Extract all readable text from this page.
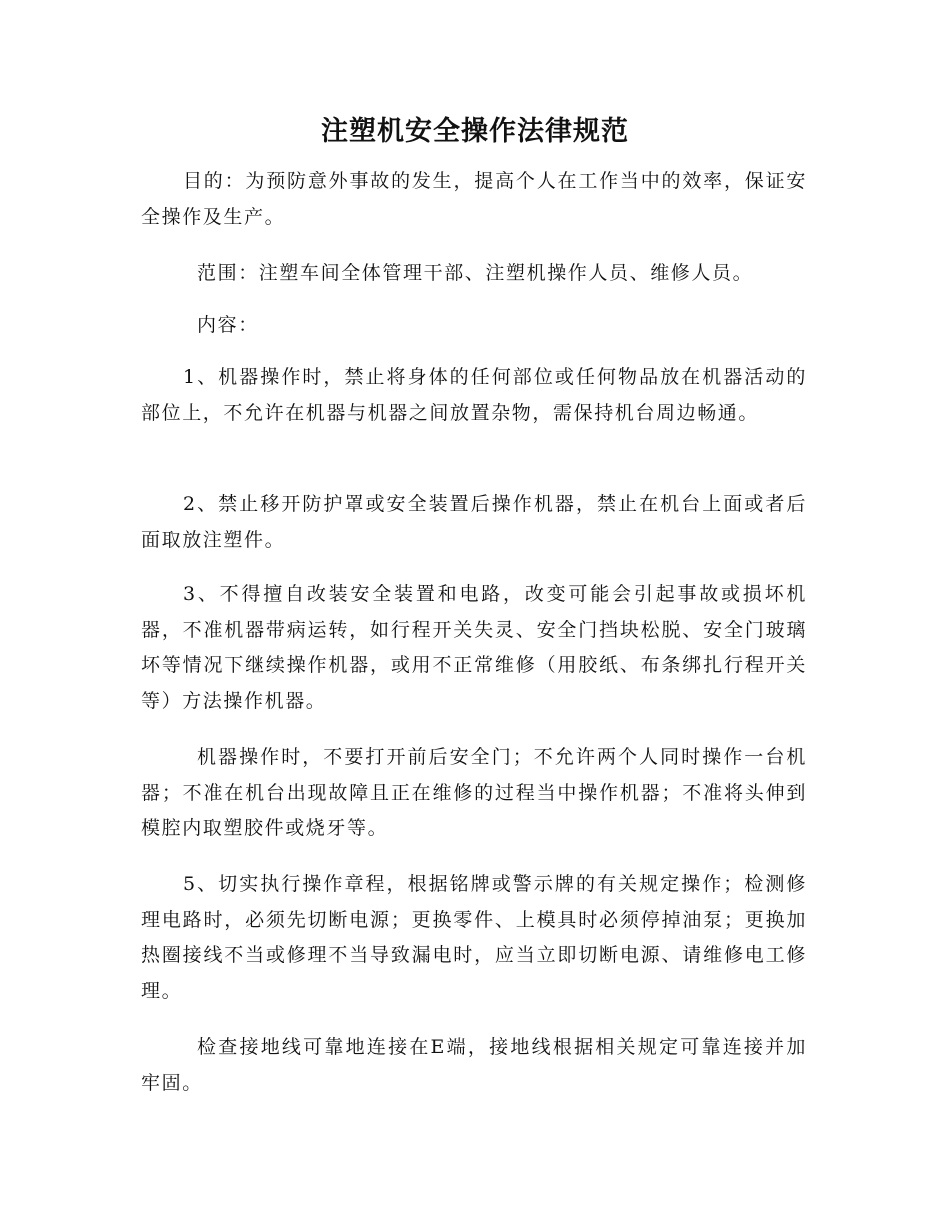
注塑机安全操作法律规范

目的：为预防意外事故的发生，提高个人在工作当中的效率，保证安全操作及生产。

范围：注塑车间全体管理干部、注塑机操作人员、维修人员。

内容：

1、机器操作时，禁止将身体的任何部位或任何物品放在机器活动的部位上，不允许在机器与机器之间放置杂物，需保持机台周边畅通。

2、禁止移开防护罩或安全装置后操作机器，禁止在机台上面或者后面取放注塑件。

3、不得擅自改装安全装置和电路，改变可能会引起事故或损坏机器，不准机器带病运转，如行程开关失灵、安全门挡块松脱、安全门玻璃坏等情况下继续操作机器，或用不正常维修（用胶纸、布条绑扎行程开关等）方法操作机器。

机器操作时，不要打开前后安全门；不允许两个人同时操作一台机器；不准在机台出现故障且正在维修的过程当中操作机器；不准将头伸到模腔内取塑胶件或烧牙等。

5、切实执行操作章程，根据铭牌或警示牌的有关规定操作；检测修理电路时，必须先切断电源；更换零件、上模具时必须停掉油泵；更换加热圈接线不当或修理不当导致漏电时，应当立即切断电源、请维修电工修理。

检查接地线可靠地连接在E端，接地线根据相关规定可靠连接并加牢固。
